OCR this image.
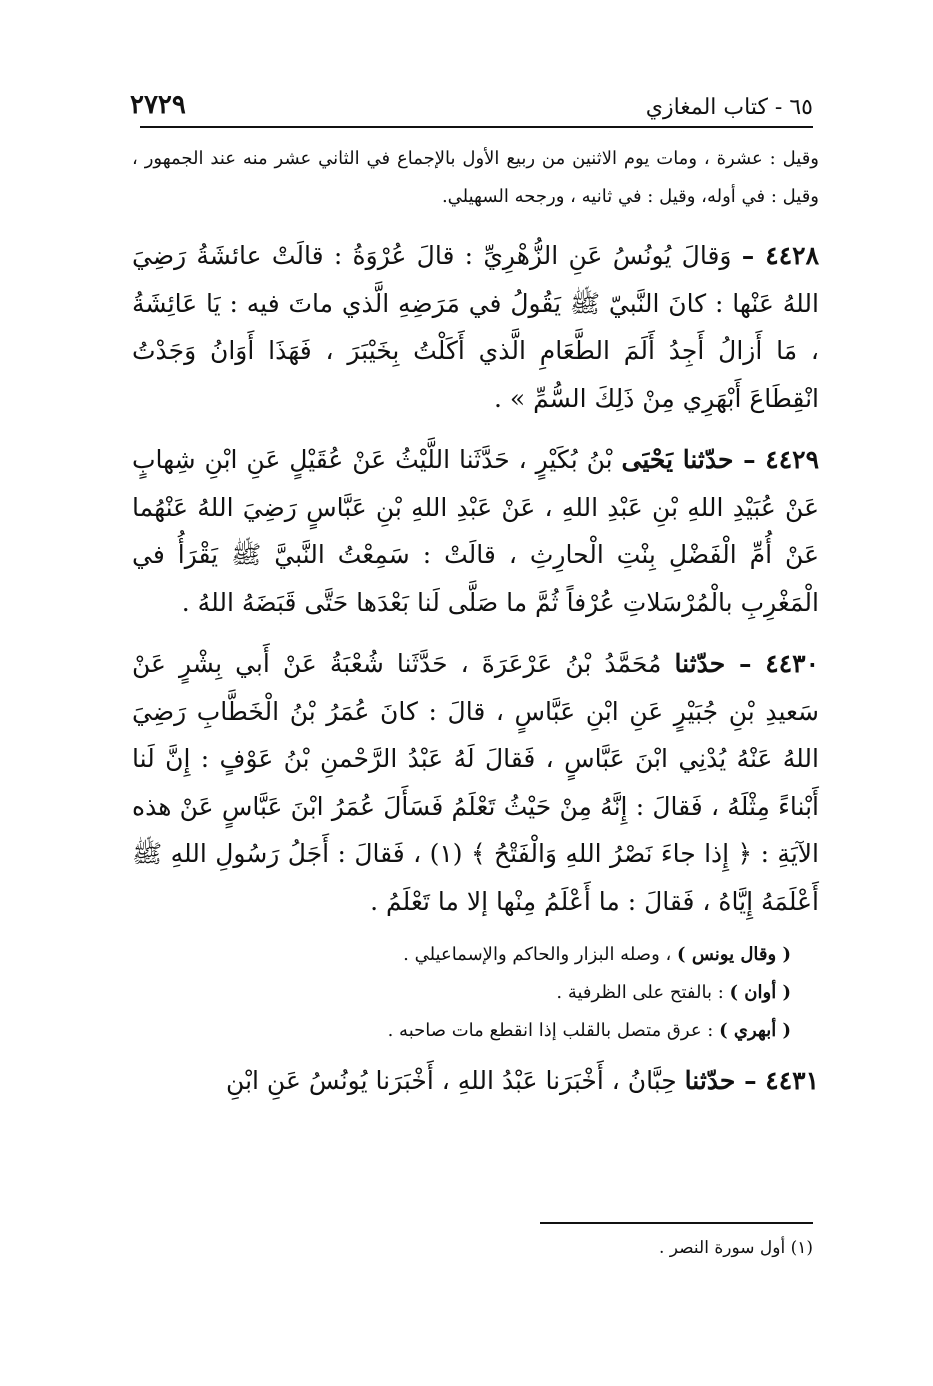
٦٥ - كتاب المغازي
٢٧٢٩

وقيل : عشرة ، ومات يوم الاثنين من ربيع الأول بالإجماع في الثاني عشر منه عند الجمهور ، وقيل : في أوله، وقيل : في ثانيه ، ورجحه السهيلي.

٤٤٢٨ – وَقالَ يُونُسُ عَنِ الزُّهْرِيِّ : قالَ عُرْوَةُ : قالَتْ عائشَةُ رَضِيَ اللهُ عَنْها : كانَ النَّبيّ ﷺ يَقُولُ في مَرَضِهِ الَّذي ماتَ فيه : يَا عَائِشَةُ ، مَا أَزالُ أَجِدُ أَلَمَ الطَّعَامِ الَّذي أَكَلْتُ بِخَيْبَرَ ، فَهَذَا أَوَانُ وَجَدْتُ انْقِطَاعَ أَبْهَرِي مِنْ ذَلِكَ السُّمِّ » .

٤٤٢٩ – حدّثنا يَحْيَى بْنُ بُكَيْرٍ ، حَدَّثَنا اللَّيْثُ عَنْ عُقَيْلٍ عَنِ ابْنِ شِهابٍ عَنْ عُبَيْدِ اللهِ بْنِ عَبْدِ اللهِ ، عَنْ عَبْدِ اللهِ بْنِ عَبَّاسٍ رَضِيَ اللهُ عَنْهُما عَنْ أُمِّ الْفَضْلِ بِنْتِ الْحارِثِ ، قالَتْ : سَمِعْتُ النَّبيَّ ﷺ يَقْرَأُ في الْمَغْرِبِ بالْمُرْسَلاتِ عُرْفاً ثُمَّ ما صَلَّى لَنا بَعْدَها حَتَّى قَبَضَهُ اللهُ .

٤٤٣٠ – حدّثنا مُحَمَّدُ بْنُ عَرْعَرَةَ ، حَدَّثَنا شُعْبَةُ عَنْ أَبي بِشْرٍ عَنْ سَعيدِ بْنِ جُبَيْرٍ عَنِ ابْنِ عَبَّاسٍ ، قالَ : كانَ عُمَرُ بْنُ الْخَطَّابِ رَضِيَ اللهُ عَنْهُ يُدْنِي ابْنَ عَبَّاسٍ ، فَقالَ لَهُ عَبْدُ الرَّحْمنِ بْنُ عَوْفٍ : إِنَّ لَنا أَبْناءً مِثْلَهُ ، فَقالَ : إِنَّهُ مِنْ حَيْثُ تَعْلَمُ فَسَأَلَ عُمَرُ ابْنَ عَبَّاسٍ عَنْ هذه الآيَةِ : ﴿ إِذا جاءَ نَصْرُ اللهِ وَالْفَتْحُ ﴾ (١) ، فَقالَ : أَجَلُ رَسُولِ اللهِ ﷺ أَعْلَمَهُ إِيَّاهُ ، فَقالَ : ما أَعْلَمُ مِنْها إلا ما تَعْلَمُ .

( وقال يونس ) ، وصله البزار والحاكم والإسماعيلي .
( أوان ) : بالفتح على الظرفية .
( أبهري ) : عرق متصل بالقلب إذا انقطع مات صاحبه .

٤٤٣١ – حدّثنا حِبَّانُ ، أَخْبَرَنا عَبْدُ اللهِ ، أَخْبَرَنا يُونُسُ عَنِ ابْنِ

(١) أول سورة النصر .
